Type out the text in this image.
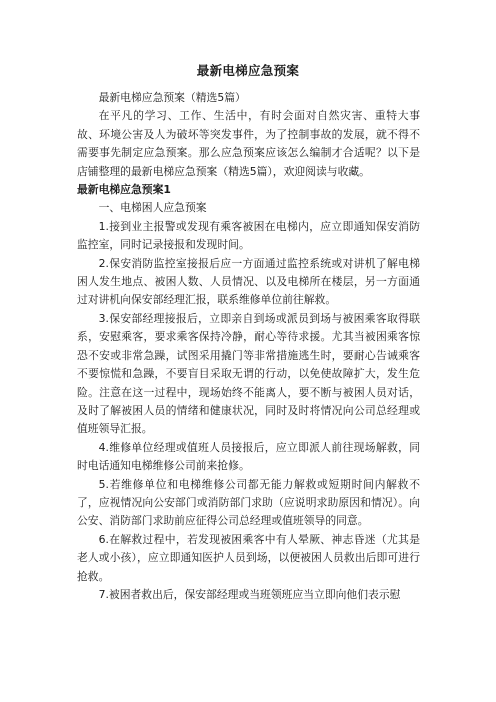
最新电梯应急预案

最新电梯应急预案（精选5篇）

在平凡的学习、工作、生活中，有时会面对自然灾害、重特大事故、环境公害及人为破坏等突发事件，为了控制事故的发展，就不得不需要事先制定应急预案。那么应急预案应该怎么编制才合适呢？以下是店铺整理的最新电梯应急预案（精选5篇），欢迎阅读与收藏。

最新电梯应急预案1

一、电梯困人应急预案

1.接到业主报警或发现有乘客被困在电梯内，应立即通知保安消防监控室，同时记录接报和发现时间。

2.保安消防监控室接报后应一方面通过监控系统或对讲机了解电梯困人发生地点、被困人数、人员情况、以及电梯所在楼层，另一方面通过对讲机向保安部经理汇报，联系维修单位前往解救。

3.保安部经理接报后，立即亲自到场或派员到场与被困乘客取得联系，安慰乘客，要求乘客保持冷静，耐心等待求援。尤其当被困乘客惊恐不安或非常急躁，试图采用撬门等非常措施逃生时，要耐心告诫乘客不要惊慌和急躁，不要盲目采取无谓的行动，以免使故障扩大，发生危险。注意在这一过程中，现场始终不能离人，要不断与被困人员对话，及时了解被困人员的情绪和健康状况，同时及时将情况向公司总经理或值班领导汇报。

4.维修单位经理或值班人员接报后，应立即派人前往现场解救，同时电话通知电梯维修公司前来抢修。

5.若维修单位和电梯维修公司都无能力解救或短期时间内解救不了，应视情况向公安部门或消防部门求助（应说明求助原因和情况）。向公安、消防部门求助前应征得公司总经理或值班领导的同意。

6.在解救过程中，若发现被困乘客中有人晕厥、神志昏迷（尤其是老人或小孩），应立即通知医护人员到场，以便被困人员救出后即可进行抢救。

7.被困者救出后，保安部经理或当班领班应当立即向他们表示慰
